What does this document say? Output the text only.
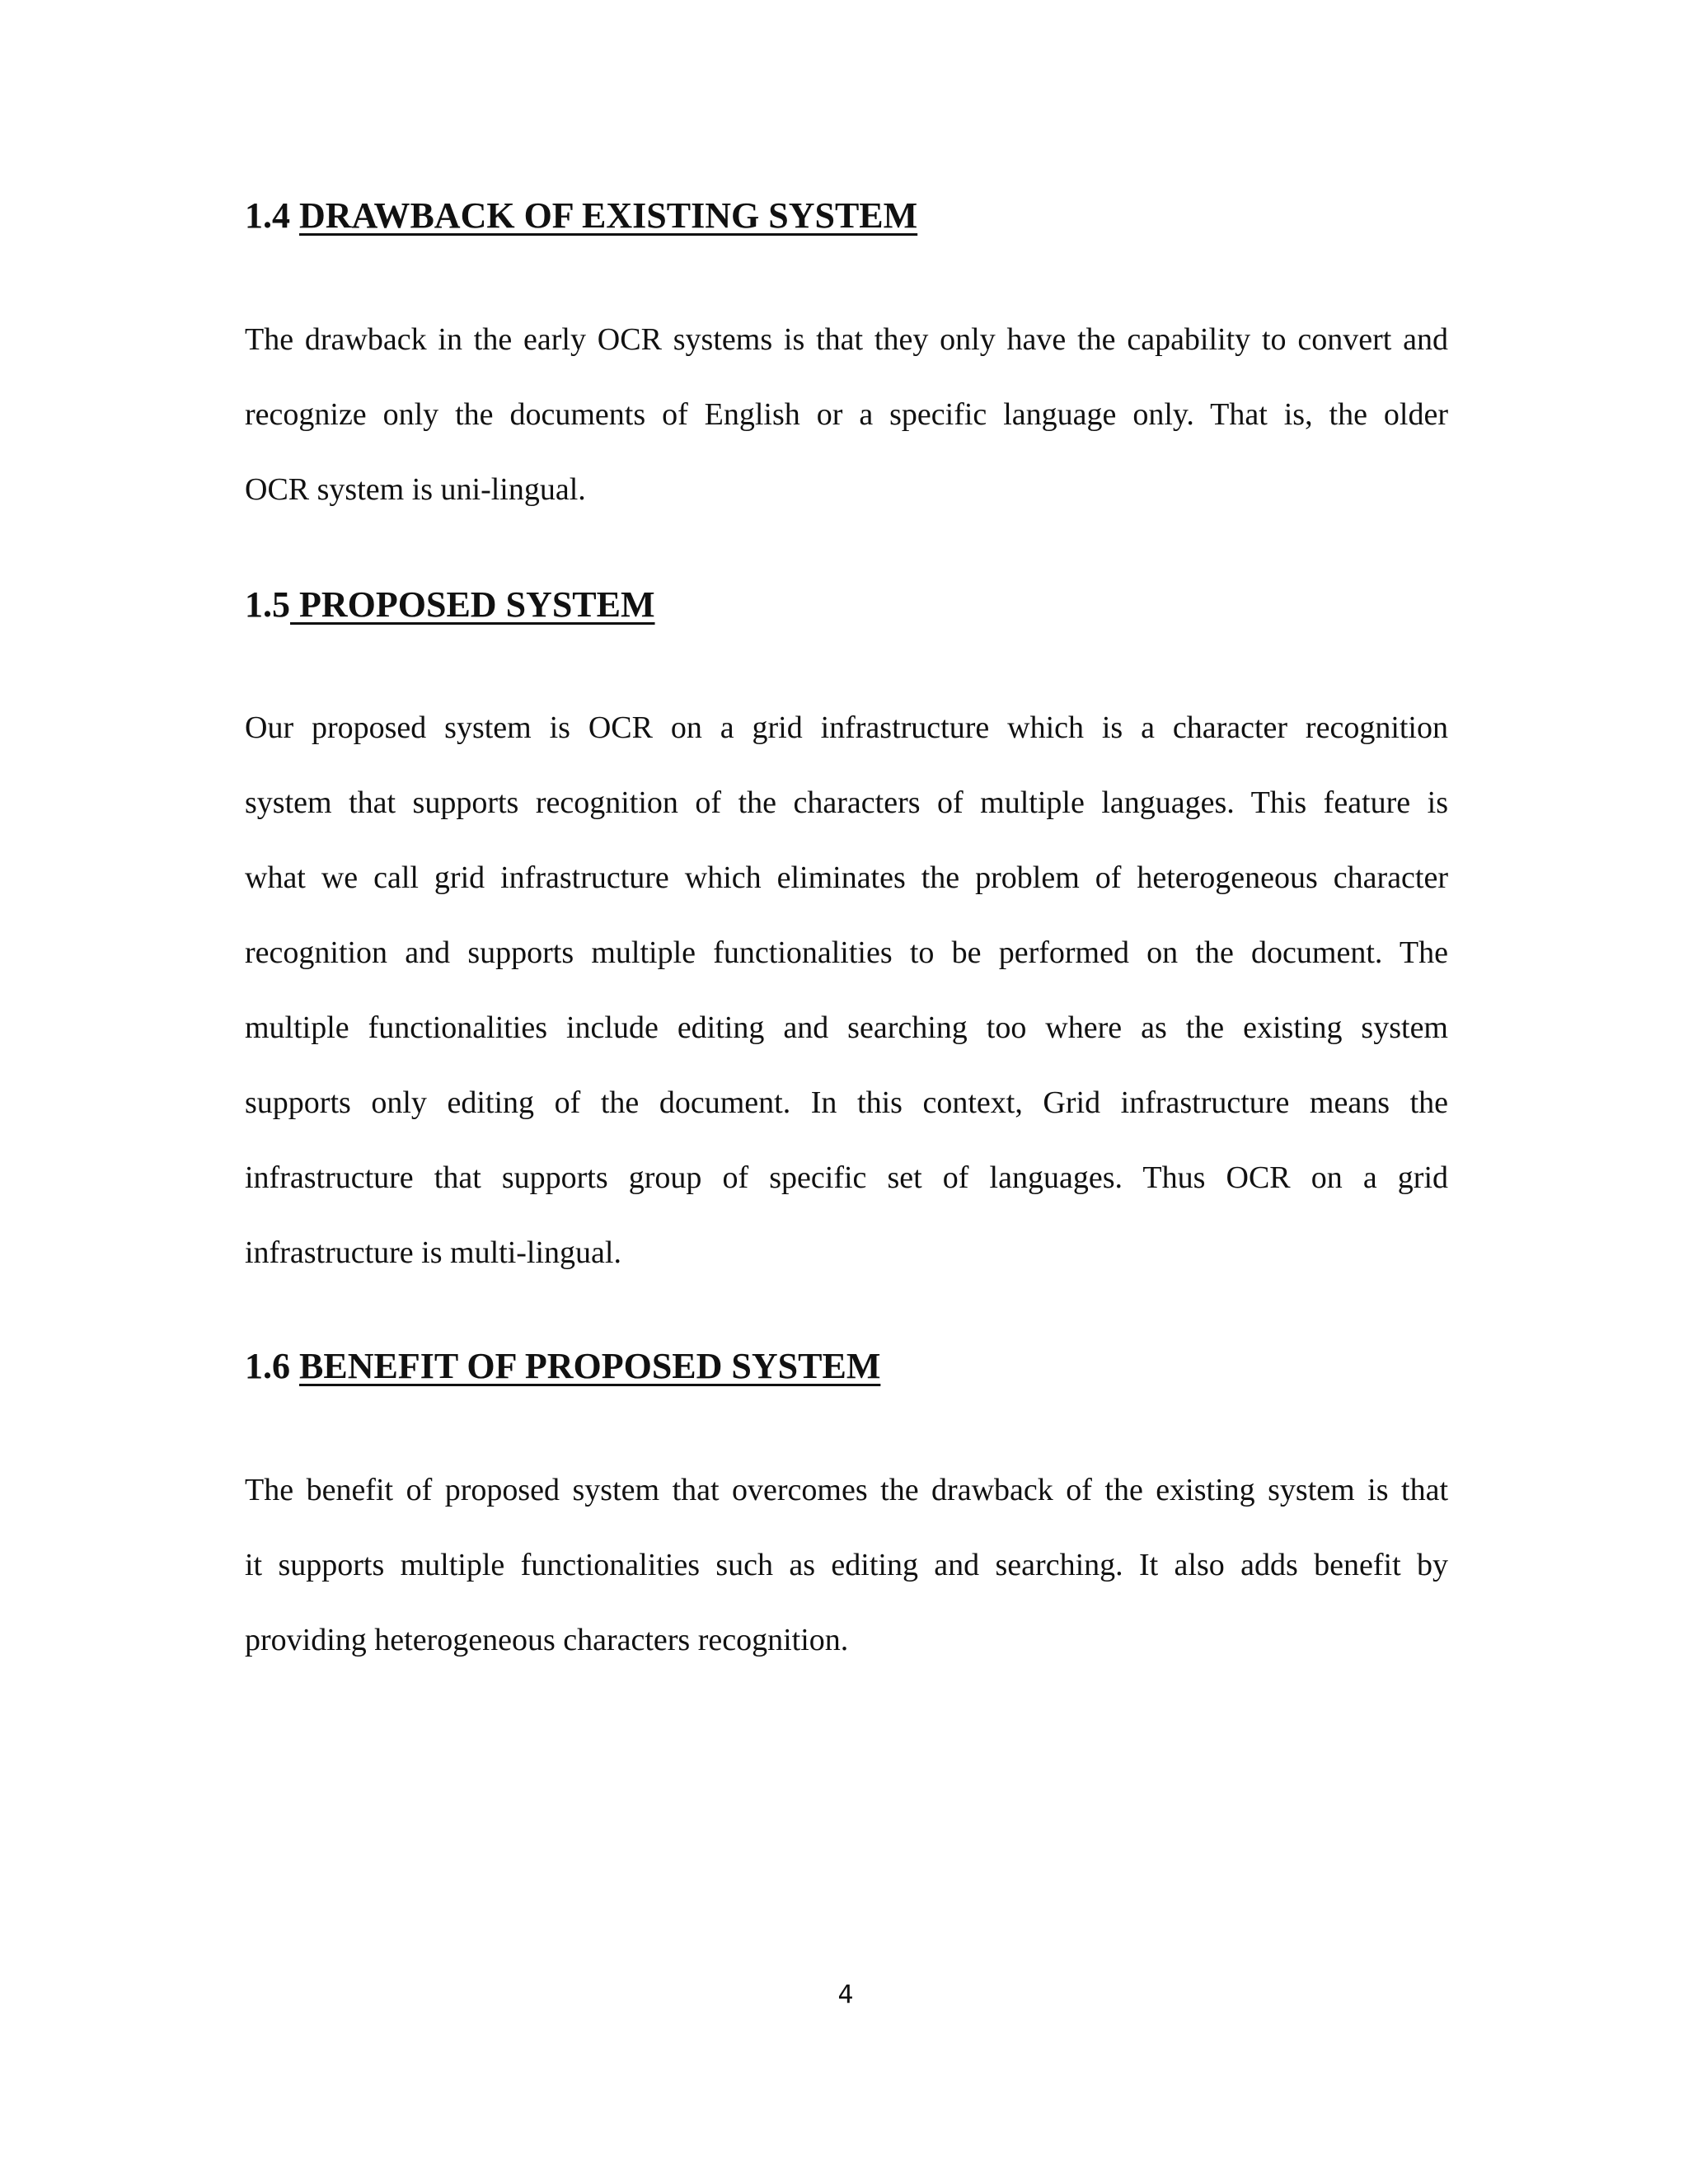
1.4 DRAWBACK OF EXISTING SYSTEM
The drawback in the early OCR systems is that they only have the capability to convert and
recognize only the documents of English or a specific language only. That is, the older
OCR system is uni-lingual.
1.5 PROPOSED SYSTEM
Our proposed system is OCR on a grid infrastructure which is a character recognition
system that supports recognition of the characters of multiple languages. This feature is
what we call grid infrastructure which eliminates the problem of heterogeneous character
recognition and supports multiple functionalities to be performed on the document. The
multiple functionalities include editing and searching too where as the existing system
supports only editing of the document. In this context, Grid infrastructure means the
infrastructure that supports group of specific set of languages. Thus OCR on a grid
infrastructure is multi-lingual.
1.6 BENEFIT OF PROPOSED SYSTEM
The benefit of proposed system that overcomes the drawback of the existing system is that
it supports multiple functionalities such as editing and searching. It also adds benefit by
providing heterogeneous characters recognition.
4
